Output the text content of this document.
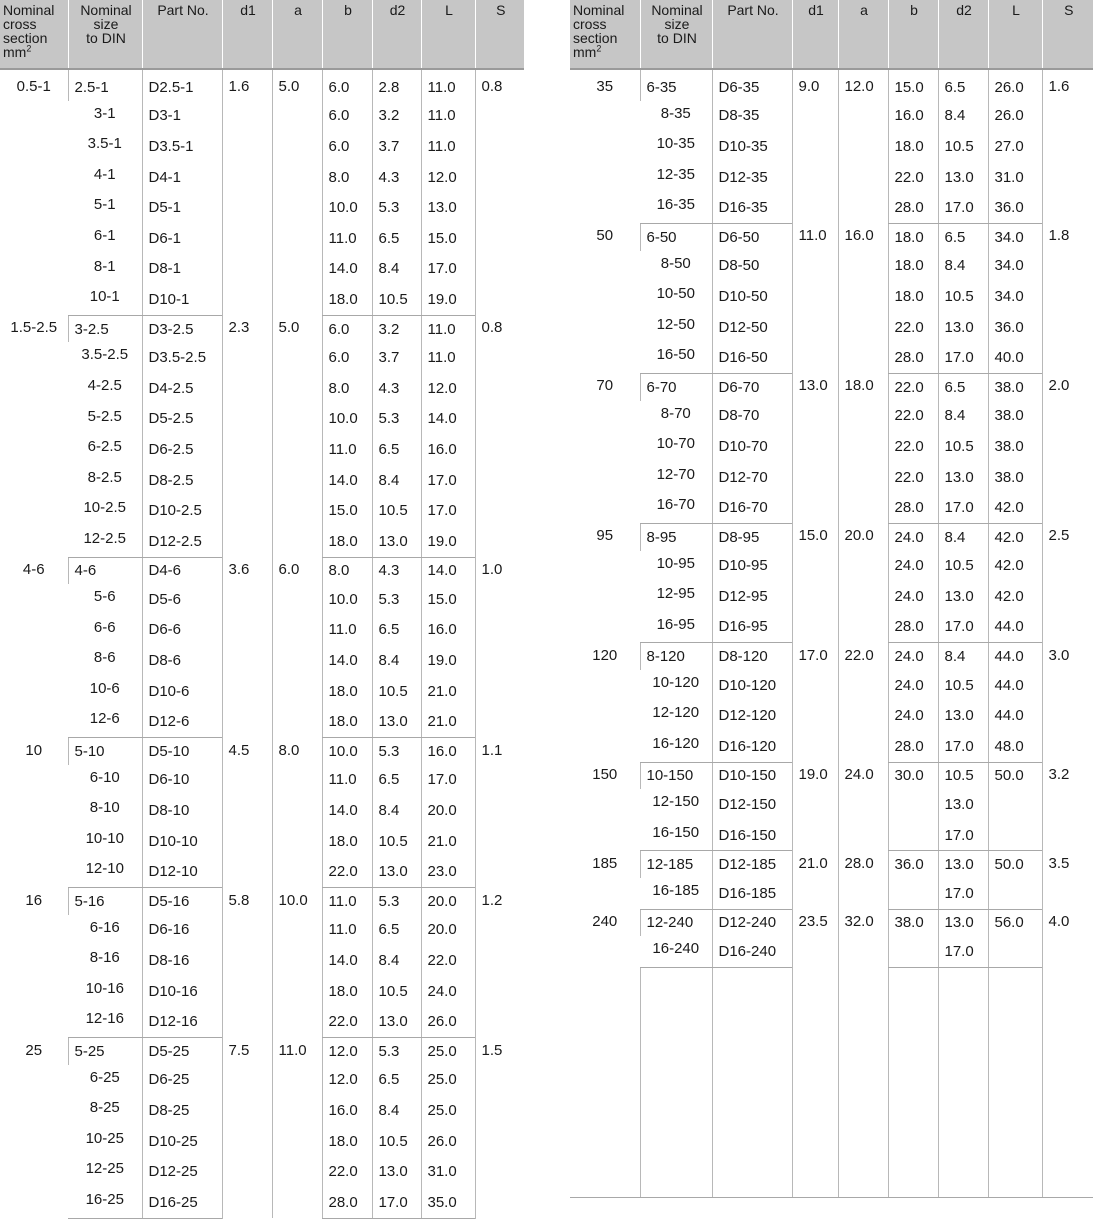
Nominal
cross
section
$mm^2$	Nominal
size
to DIN	Part No.	d1	a	b	d2	L	S

0.5-1	2.5-1	D2.5-1	1.6	5.0	6.0	2.8	11.0	0.8
	3-1	D3-1			6.0	3.2	11.0	
	3.5-1	D3.5-1			6.0	3.7	11.0	
	4-1	D4-1			8.0	4.3	12.0	
	5-1	D5-1			10.0	5.3	13.0	
	6-1	D6-1			11.0	6.5	15.0	
	8-1	D8-1			14.0	8.4	17.0	
	10-1	D10-1			18.0	10.5	19.0	
1.5-2.5	3-2.5	D3-2.5	2.3	5.0	6.0	3.2	11.0	0.8
	3.5-2.5	D3.5-2.5			6.0	3.7	11.0	
	4-2.5	D4-2.5			8.0	4.3	12.0	
	5-2.5	D5-2.5			10.0	5.3	14.0	
	6-2.5	D6-2.5			11.0	6.5	16.0	
	8-2.5	D8-2.5			14.0	8.4	17.0	
	10-2.5	D10-2.5			15.0	10.5	17.0	
	12-2.5	D12-2.5			18.0	13.0	19.0	
4-6	4-6	D4-6	3.6	6.0	8.0	4.3	14.0	1.0
	5-6	D5-6			10.0	5.3	15.0	
	6-6	D6-6			11.0	6.5	16.0	
	8-6	D8-6			14.0	8.4	19.0	
	10-6	D10-6			18.0	10.5	21.0	
	12-6	D12-6			18.0	13.0	21.0	
10	5-10	D5-10	4.5	8.0	10.0	5.3	16.0	1.1
	6-10	D6-10			11.0	6.5	17.0	
	8-10	D8-10			14.0	8.4	20.0	
	10-10	D10-10			18.0	10.5	21.0	
	12-10	D12-10			22.0	13.0	23.0	
16	5-16	D5-16	5.8	10.0	11.0	5.3	20.0	1.2
	6-16	D6-16			11.0	6.5	20.0	
	8-16	D8-16			14.0	8.4	22.0	
	10-16	D10-16			18.0	10.5	24.0	
	12-16	D12-16			22.0	13.0	26.0	
25	5-25	D5-25	7.5	11.0	12.0	5.3	25.0	1.5
	6-25	D6-25			12.0	6.5	25.0	
	8-25	D8-25			16.0	8.4	25.0	
	10-25	D10-25			18.0	10.5	26.0	
	12-25	D12-25			22.0	13.0	31.0	
	16-25	D16-25			28.0	17.0	35.0	
Nominal
cross
section
$mm^2$	Nominal
size
to DIN	Part No.	d1	a	b	d2	L	S

35	6-35	D6-35	9.0	12.0	15.0	6.5	26.0	1.6
	8-35	D8-35			16.0	8.4	26.0	
	10-35	D10-35			18.0	10.5	27.0	
	12-35	D12-35			22.0	13.0	31.0	
	16-35	D16-35			28.0	17.0	36.0	
50	6-50	D6-50	11.0	16.0	18.0	6.5	34.0	1.8
	8-50	D8-50			18.0	8.4	34.0	
	10-50	D10-50			18.0	10.5	34.0	
	12-50	D12-50			22.0	13.0	36.0	
	16-50	D16-50			28.0	17.0	40.0	
70	6-70	D6-70	13.0	18.0	22.0	6.5	38.0	2.0
	8-70	D8-70			22.0	8.4	38.0	
	10-70	D10-70			22.0	10.5	38.0	
	12-70	D12-70			22.0	13.0	38.0	
	16-70	D16-70			28.0	17.0	42.0	
95	8-95	D8-95	15.0	20.0	24.0	8.4	42.0	2.5
	10-95	D10-95			24.0	10.5	42.0	
	12-95	D12-95			24.0	13.0	42.0	
	16-95	D16-95			28.0	17.0	44.0	
120	8-120	D8-120	17.0	22.0	24.0	8.4	44.0	3.0
	10-120	D10-120			24.0	10.5	44.0	
	12-120	D12-120			24.0	13.0	44.0	
	16-120	D16-120			28.0	17.0	48.0	
150	10-150	D10-150	19.0	24.0	30.0	10.5	50.0	3.2
	12-150	D12-150				13.0		
	16-150	D16-150				17.0		
185	12-185	D12-185	21.0	28.0	36.0	13.0	50.0	3.5
	16-185	D16-185				17.0		
240	12-240	D12-240	23.5	32.0	38.0	13.0	56.0	4.0
	16-240	D16-240				17.0		
